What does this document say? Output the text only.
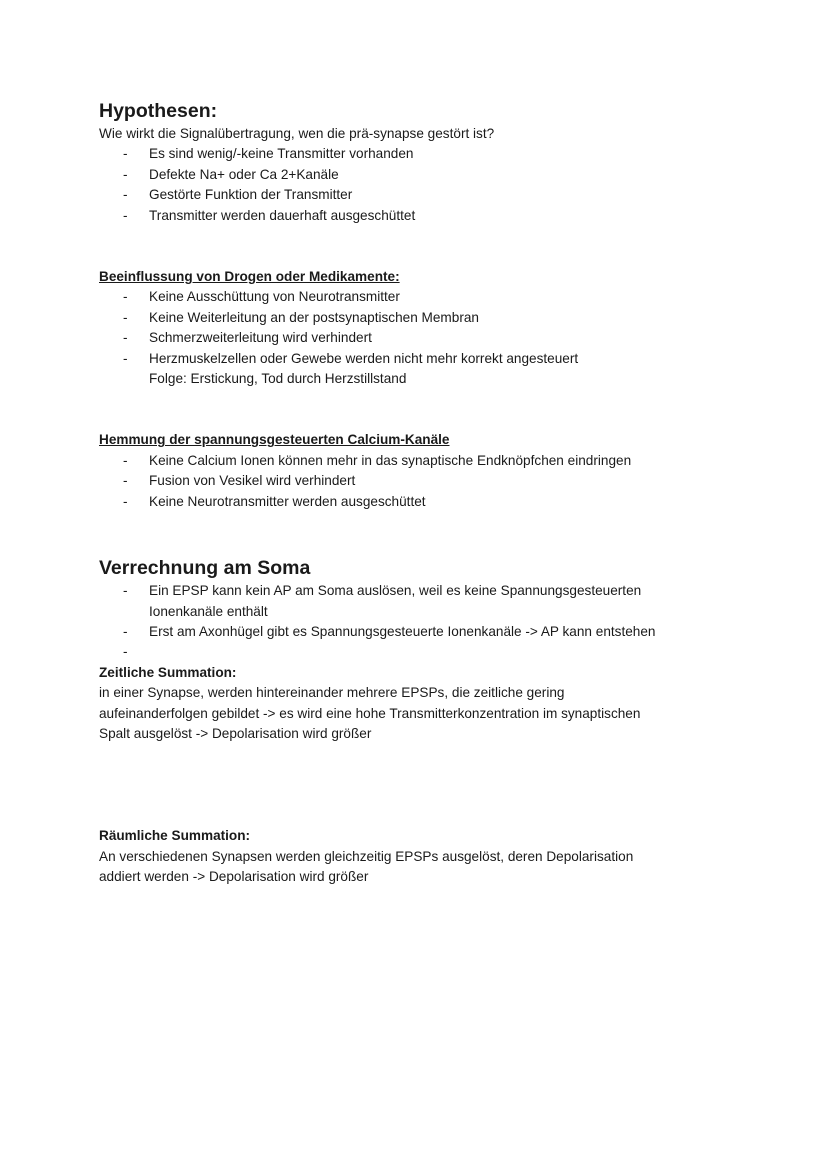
Hypothesen:

Wie wirkt die Signalübertragung, wen die prä-synapse gestört ist?

- Es sind wenig/-keine Transmitter vorhanden
- Defekte Na+ oder Ca 2+Kanäle
- Gestörte Funktion der Transmitter
- Transmitter werden dauerhaft ausgeschüttet

Beeinflussung von Drogen oder Medikamente:

- Keine Ausschüttung von Neurotransmitter
- Keine Weiterleitung an der postsynaptischen Membran
- Schmerzweiterleitung wird verhindert
- Herzmuskelzellen oder Gewebe werden nicht mehr korrekt angesteuert
Folge: Erstickung, Tod durch Herzstillstand

Hemmung der spannungsgesteuerten Calcium-Kanäle

- Keine Calcium Ionen können mehr in das synaptische Endknöpfchen eindringen
- Fusion von Vesikel wird verhindert
- Keine Neurotransmitter werden ausgeschüttet
Verrechnung am Soma
- Ein EPSP kann kein AP am Soma auslösen, weil es keine Spannungsgesteuerten
Ionenkanäle enthält
- Erst am Axonhügel gibt es Spannungsgesteuerte Ionenkanäle -> AP kann entstehen
-

Zeitliche Summation:

in einer Synapse, werden hintereinander mehrere EPSPs, die zeitliche gering

aufeinanderfolgen gebildet -> es wird eine hohe Transmitterkonzentration im synaptischen

Spalt ausgelöst -> Depolarisation wird größer

Räumliche Summation:

An verschiedenen Synapsen werden gleichzeitig EPSPs ausgelöst, deren Depolarisation

addiert werden -> Depolarisation wird größer
